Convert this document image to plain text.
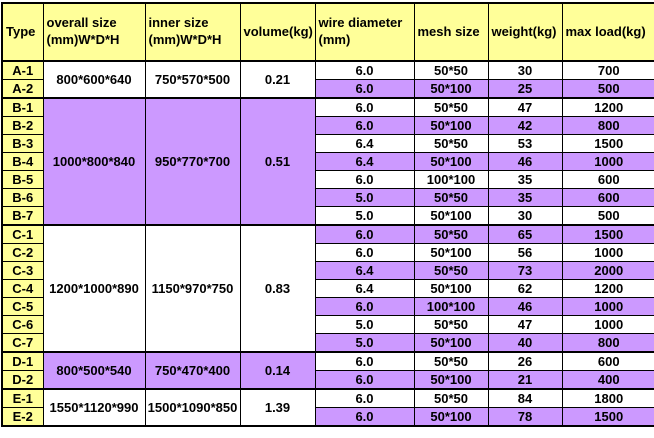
Type	overall size (mm)W*D*H	inner size (mm)W*D*H	volume(kg)	wire diameter (mm)	mesh size	weight(kg)	max load(kg)
A-1	800*600*640	750*570*500	0.21	6.0	50*50	30	700
A-2				6.0	50*100	25	500
B-1	1000*800*840	950*770*700	0.51	6.0	50*50	47	1200
B-2				6.0	50*100	42	800
B-3				6.4	50*50	53	1500
B-4				6.4	50*100	46	1000
B-5				6.0	100*100	35	600
B-6				5.0	50*50	35	600
B-7				5.0	50*100	30	500
C-1	1200*1000*890	1150*970*750	0.83	6.0	50*50	65	1500
C-2				6.0	50*100	56	1000
C-3				6.4	50*50	73	2000
C-4				6.4	50*100	62	1200
C-5				6.0	100*100	46	1000
C-6				5.0	50*50	47	1000
C-7				5.0	50*100	40	800
D-1	800*500*540	750*470*400	0.14	6.0	50*50	26	600
D-2				6.0	50*100	21	400
E-1	1550*1120*990	1500*1090*850	1.39	6.0	50*50	84	1800
E-2				6.0	50*100	78	1500
